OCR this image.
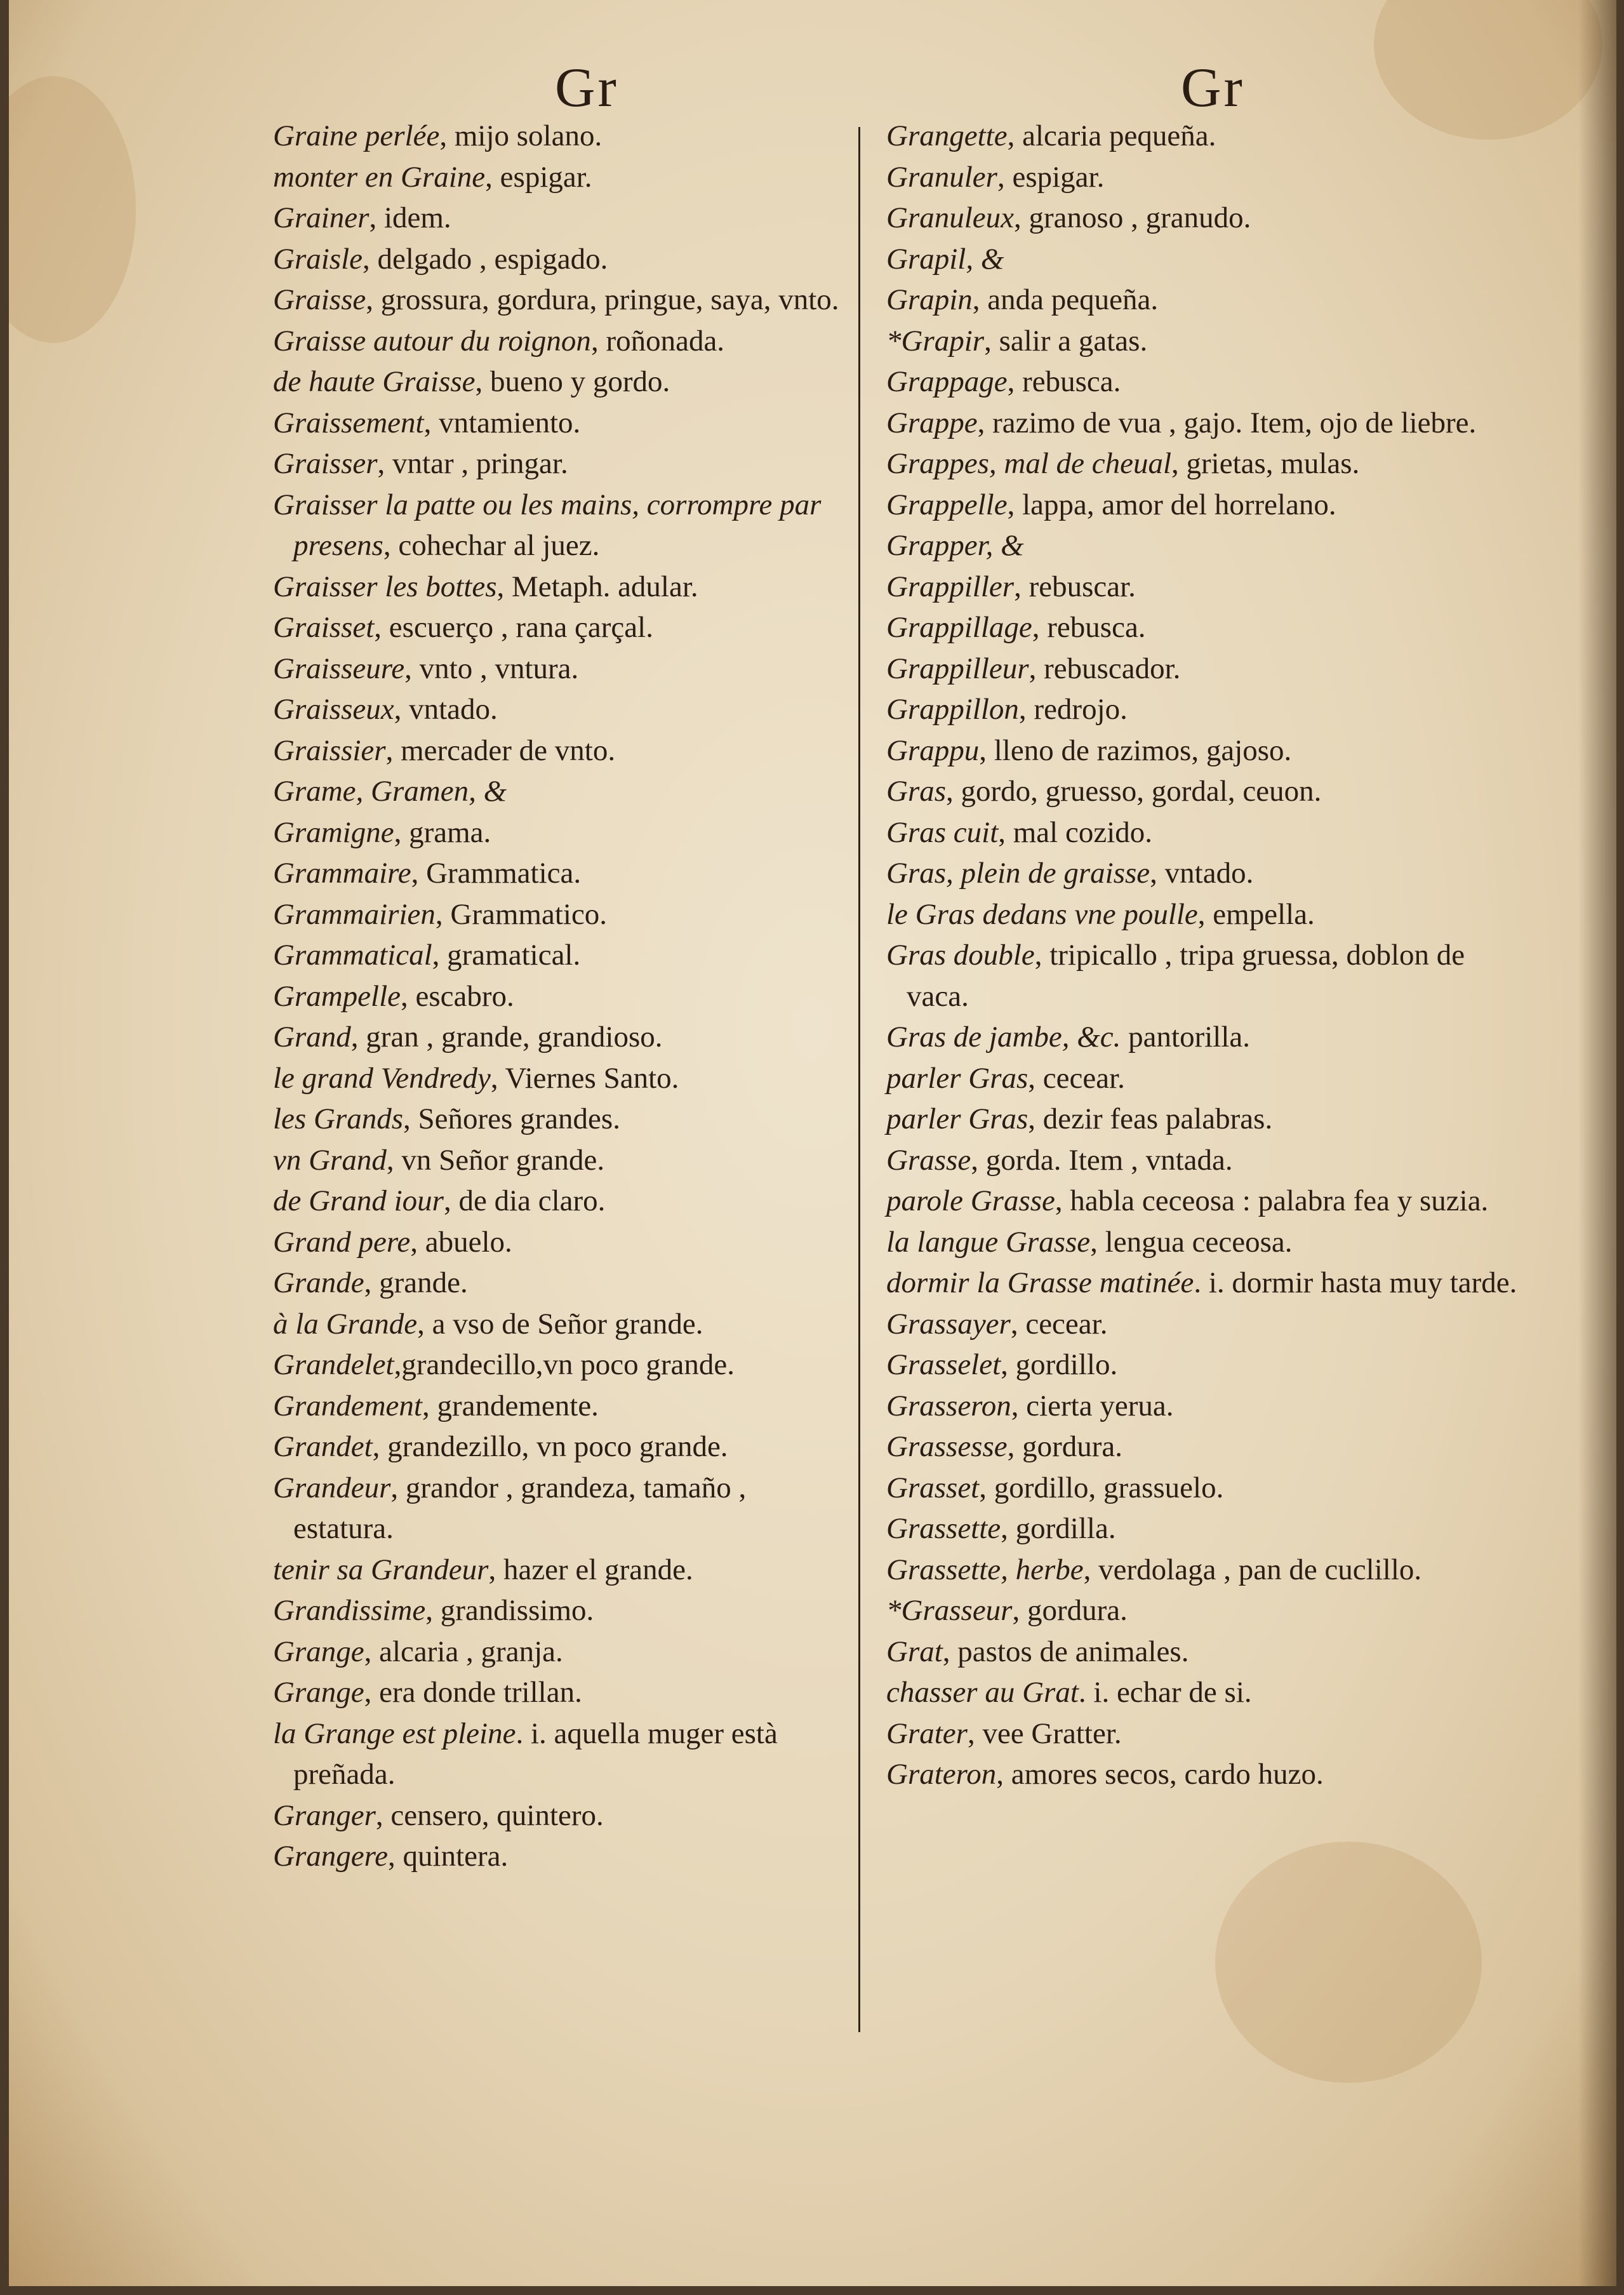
Gr	Gr
Graine perlée, mijo solano.
monter en Graine, espigar.
Grainer, idem.
Graisle, delgado , espigado.
Graisse, grossura, gordura, pringue, saya, vnto.
Graisse autour du roignon, roñonada.
de haute Graisse, bueno y gordo.
Graissement, vntamiento.
Graisser, vntar , pringar.
Graisser la patte ou les mains, corrompre par presens, cohechar al juez.
Graisser les bottes, Metaph. adular.
Graisset, escuerço , rana çarçal.
Graisseure, vnto , vntura.
Graisseux, vntado.
Graissier, mercader de vnto.
Grame, Gramen, &
Gramigne, grama.
Grammaire, Grammatica.
Grammairien, Grammatico.
Grammatical, gramatical.
Grampelle, escabro.
Grand, gran , grande, grandioso.
le grand Vendredy, Viernes Santo.
les Grands, Señores grandes.
vn Grand, vn Señor grande.
de Grand iour, de dia claro.
Grand pere, abuelo.
Grande, grande.
à la Grande, a vso de Señor grande.
Grandelet,grandecillo,vn poco grande.
Grandement, grandemente.
Grandet, grandezillo, vn poco grande.
Grandeur, grandor , grandeza, tamaño , estatura.
tenir sa Grandeur, hazer el grande.
Grandissime, grandissimo.
Grange, alcaria , granja.
Grange, era donde trillan.
la Grange est pleine. i. aquella muger està preñada.
Granger, censero, quintero.
Grangere, quintera.
Grangette, alcaria pequeña.
Granuler, espigar.
Granuleux, granoso , granudo.
Grapil, &
Grapin, anda pequeña.
*Grapir, salir a gatas.
Grappage, rebusca.
Grappe, razimo de vua , gajo. Item, ojo de liebre.
Grappes, mal de cheual, grietas, mulas.
Grappelle, lappa, amor del horrelano.
Grapper, &
Grappiller, rebuscar.
Grappillage, rebusca.
Grappilleur, rebuscador.
Grappillon, redrojo.
Grappu, lleno de razimos, gajoso.
Gras, gordo, gruesso, gordal, ceuon.
Gras cuit, mal cozido.
Gras, plein de graisse, vntado.
le Gras dedans vne poulle, empella.
Gras double, tripicallo , tripa gruessa, doblon de vaca.
Gras de jambe, &c. pantorilla.
parler Gras, cecear.
parler Gras, dezir feas palabras.
Grasse, gorda. Item , vntada.
parole Grasse, habla ceceosa : palabra fea y suzia.
la langue Grasse, lengua ceceosa.
dormir la Grasse matinée. i. dormir hasta muy tarde.
Grassayer, cecear.
Grasselet, gordillo.
Grasseron, cierta yerua.
Grassesse, gordura.
Grasset, gordillo, grassuelo.
Grassette, gordilla.
Grassette, herbe, verdolaga , pan de cuclillo.
*Grasseur, gordura.
Grat, pastos de animales.
chasser au Grat. i. echar de si.
Grater, vee Gratter.
Grateron, amores secos, cardo huzo.
